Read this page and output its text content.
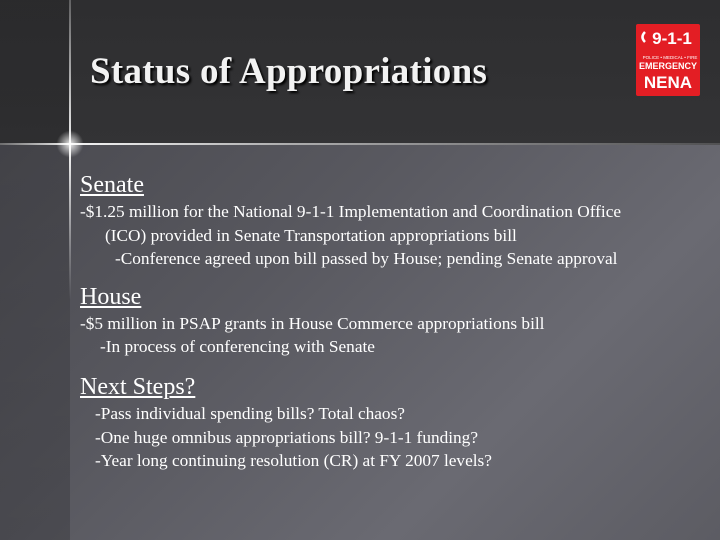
Status of Appropriations
9-1-1
POLICE • MEDICAL • FIRE
EMERGENCY
NENA
Senate
-$1.25 million for the National 9-1-1 Implementation and Coordination Office
(ICO) provided in Senate Transportation appropriations bill
-Conference agreed upon bill passed by House; pending Senate approval
House
-$5 million in PSAP grants in House Commerce appropriations bill
-In process of conferencing with Senate
Next Steps?
-Pass individual spending bills? Total chaos?
-One huge omnibus appropriations bill? 9-1-1 funding?
-Year long continuing resolution (CR) at FY 2007 levels?
